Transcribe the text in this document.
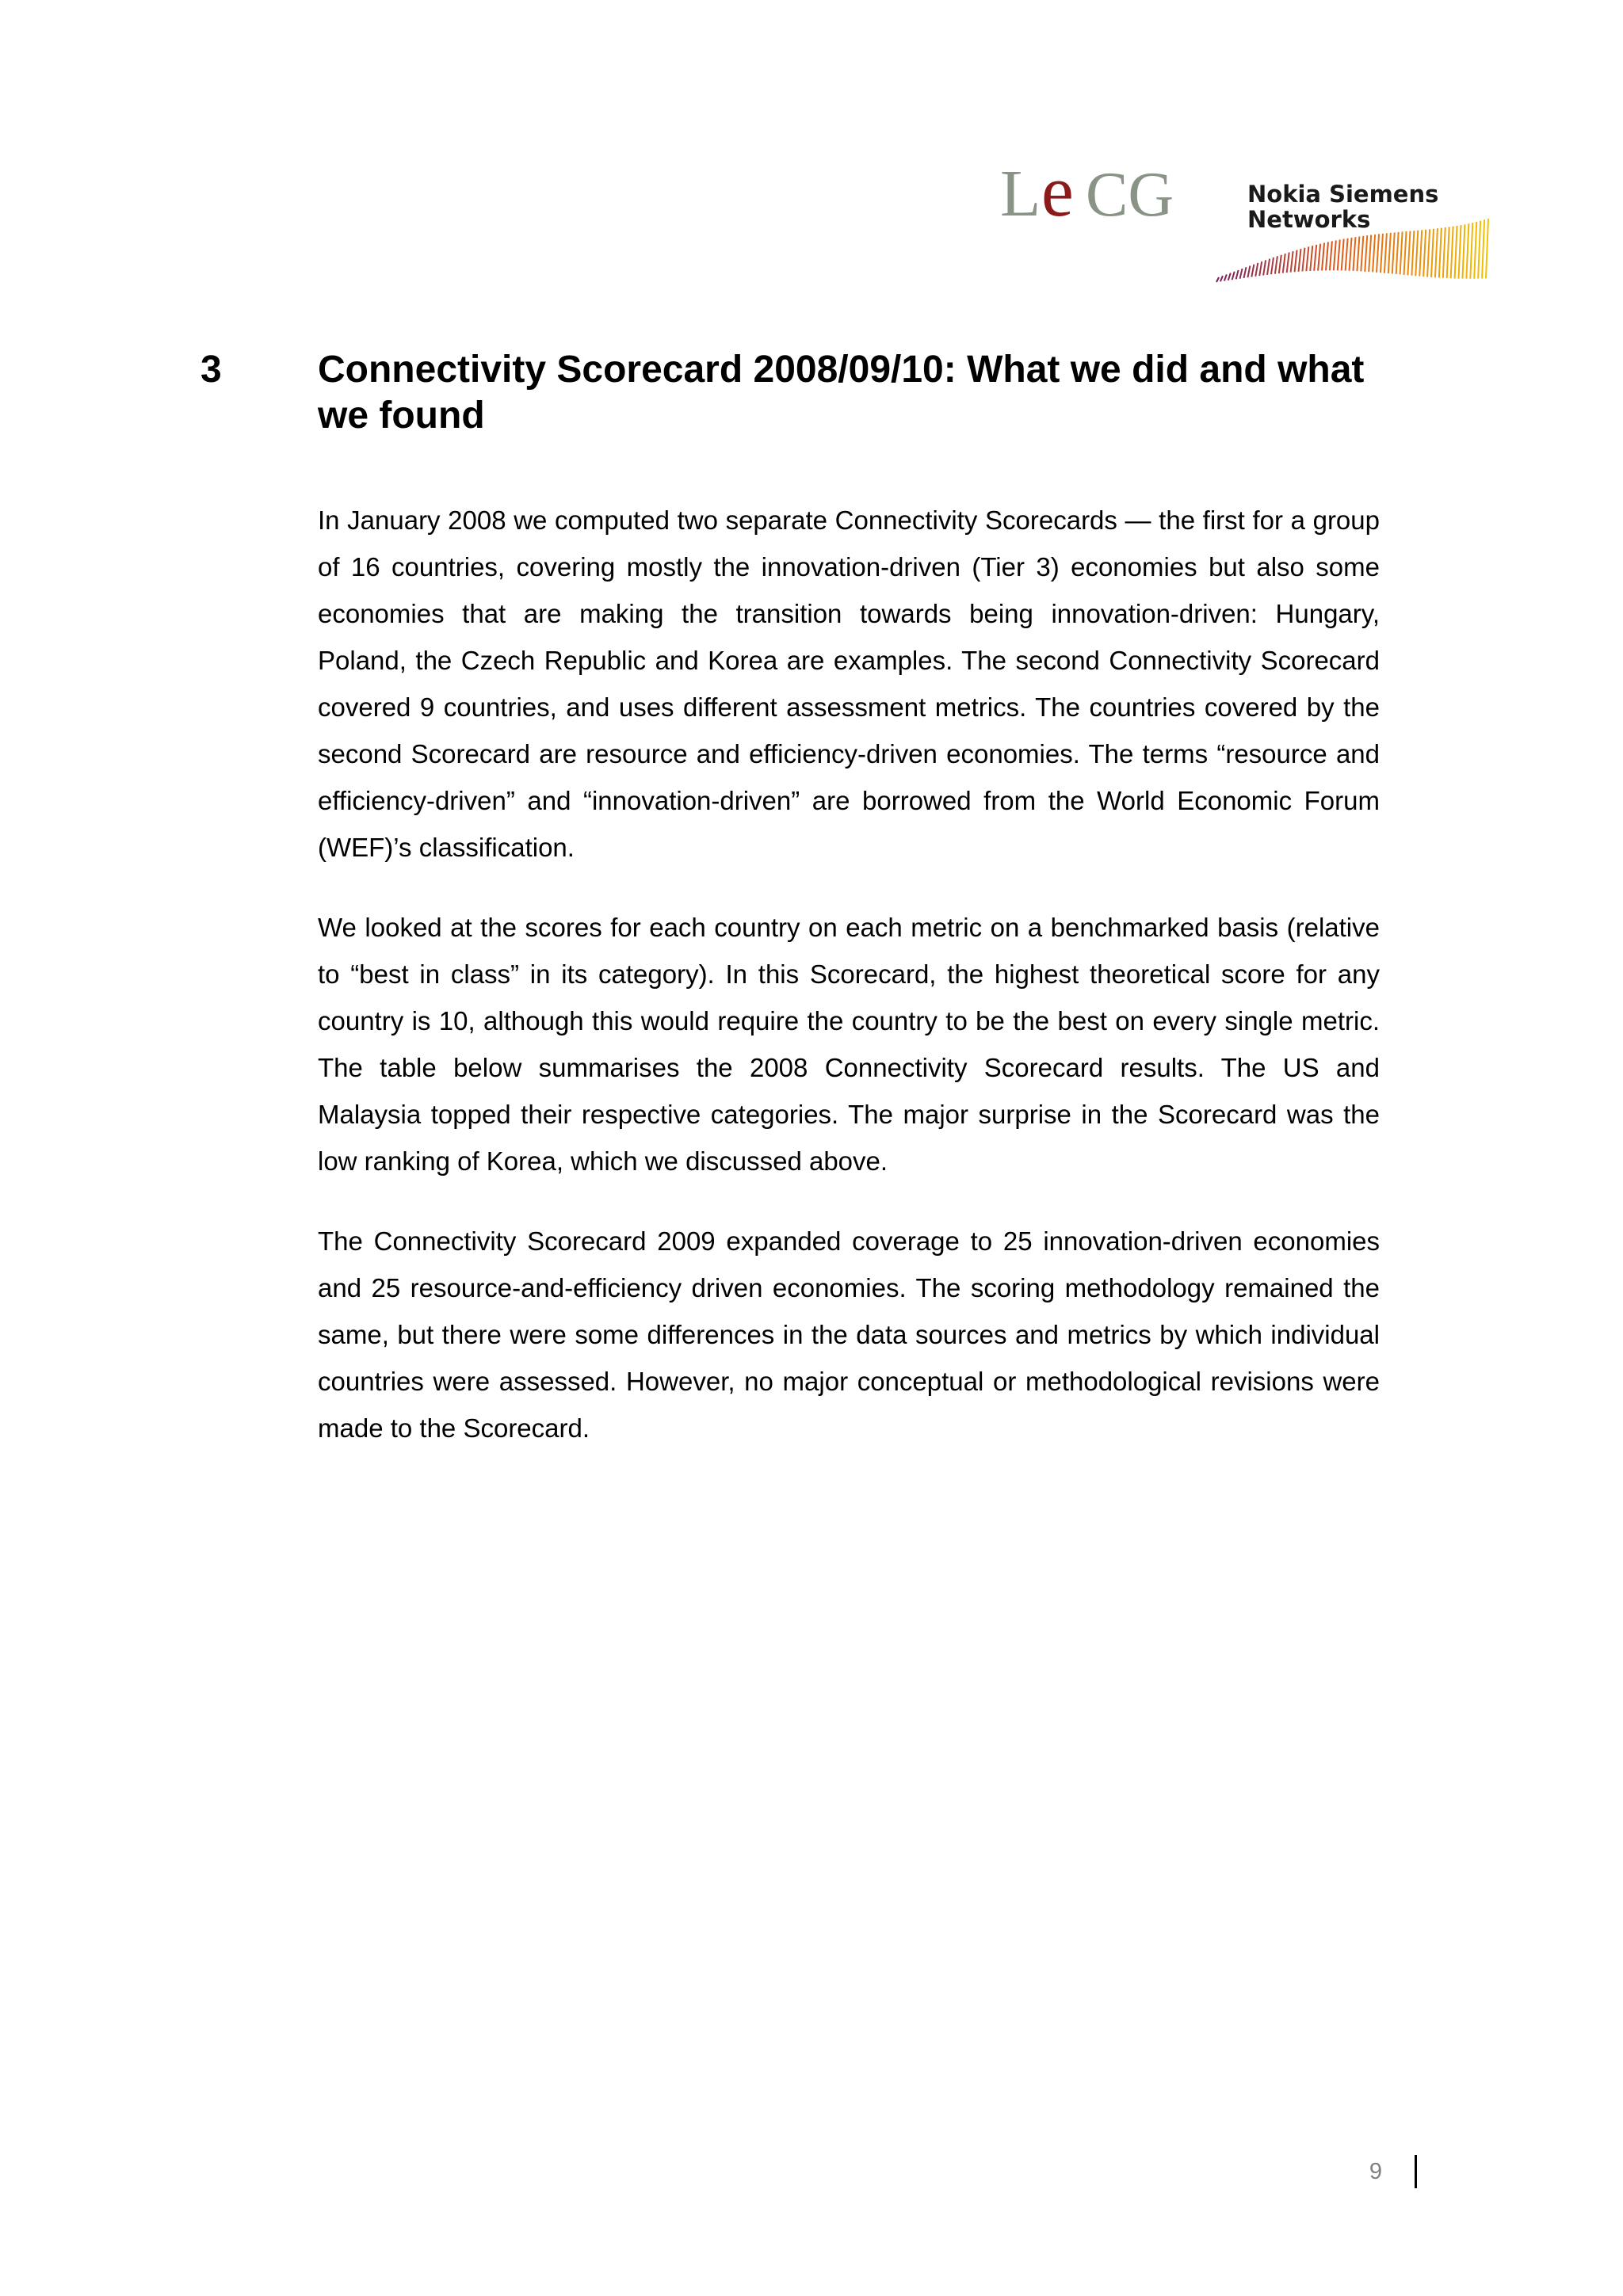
L e CG	Nokia Siemens
Networks
3	Connectivity Scorecard 2008/09/10: What we did and what we found

In January 2008 we computed two separate Connectivity Scorecards — the first for a group of 16 countries, covering mostly the innovation-driven (Tier 3) economies but also some economies that are making the transition towards being innovation-driven: Hungary, Poland, the Czech Republic and Korea are examples. The second Connectivity Scorecard covered 9 countries, and uses different assessment metrics. The countries covered by the second Scorecard are resource and efficiency-driven economies. The terms “resource and efficiency-driven” and “innovation-driven” are borrowed from the World Economic Forum (WEF)’s classification.

We looked at the scores for each country on each metric on a benchmarked basis (relative to “best in class” in its category). In this Scorecard, the highest theoretical score for any country is 10, although this would require the country to be the best on every single metric. The table below summarises the 2008 Connectivity Scorecard results. The US and Malaysia topped their respective categories. The major surprise in the Scorecard was the low ranking of Korea, which we discussed above.

The Connectivity Scorecard 2009 expanded coverage to 25 innovation-driven economies and 25 resource-and-efficiency driven economies. The scoring methodology remained the same, but there were some differences in the data sources and metrics by which individual countries were assessed. However, no major conceptual or methodological revisions were made to the Scorecard.

9
